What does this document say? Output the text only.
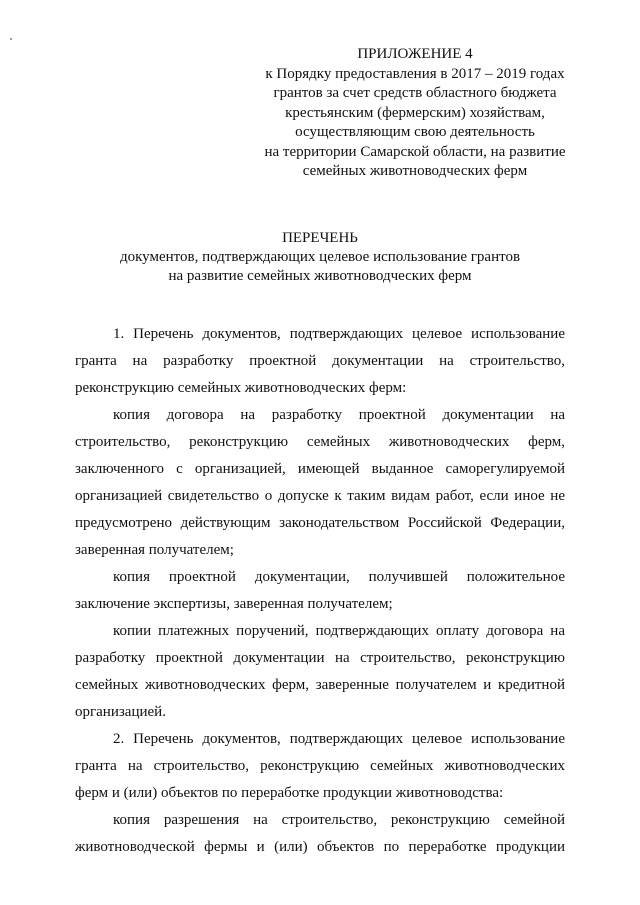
ПРИЛОЖЕНИЕ 4
к Порядку предоставления в 2017 – 2019 годах
грантов за счет средств областного бюджета
крестьянским (фермерским) хозяйствам,
осуществляющим свою деятельность
на территории Самарской области, на развитие
семейных животноводческих ферм
ПЕРЕЧЕНЬ
документов, подтверждающих целевое использование грантов
на развитие семейных животноводческих ферм
1. Перечень документов, подтверждающих целевое использование
гранта на разработку проектной документации на строительство,
реконструкцию семейных животноводческих ферм:
копия договора на разработку проектной документации на
строительство, реконструкцию семейных животноводческих ферм,
заключенного с организацией, имеющей выданное саморегулируемой
организацией свидетельство о допуске к таким видам работ, если иное не
предусмотрено действующим законодательством Российской Федерации,
заверенная получателем;
копия проектной документации, получившей положительное
заключение экспертизы, заверенная получателем;
копии платежных поручений, подтверждающих оплату договора на
разработку проектной документации на строительство, реконструкцию
семейных животноводческих ферм, заверенные получателем и кредитной
организацией.
2. Перечень документов, подтверждающих целевое использование
гранта на строительство, реконструкцию семейных животноводческих
ферм и (или) объектов по переработке продукции животноводства:
копия разрешения на строительство, реконструкцию семейной
животноводческой фермы и (или) объектов по переработке продукции
